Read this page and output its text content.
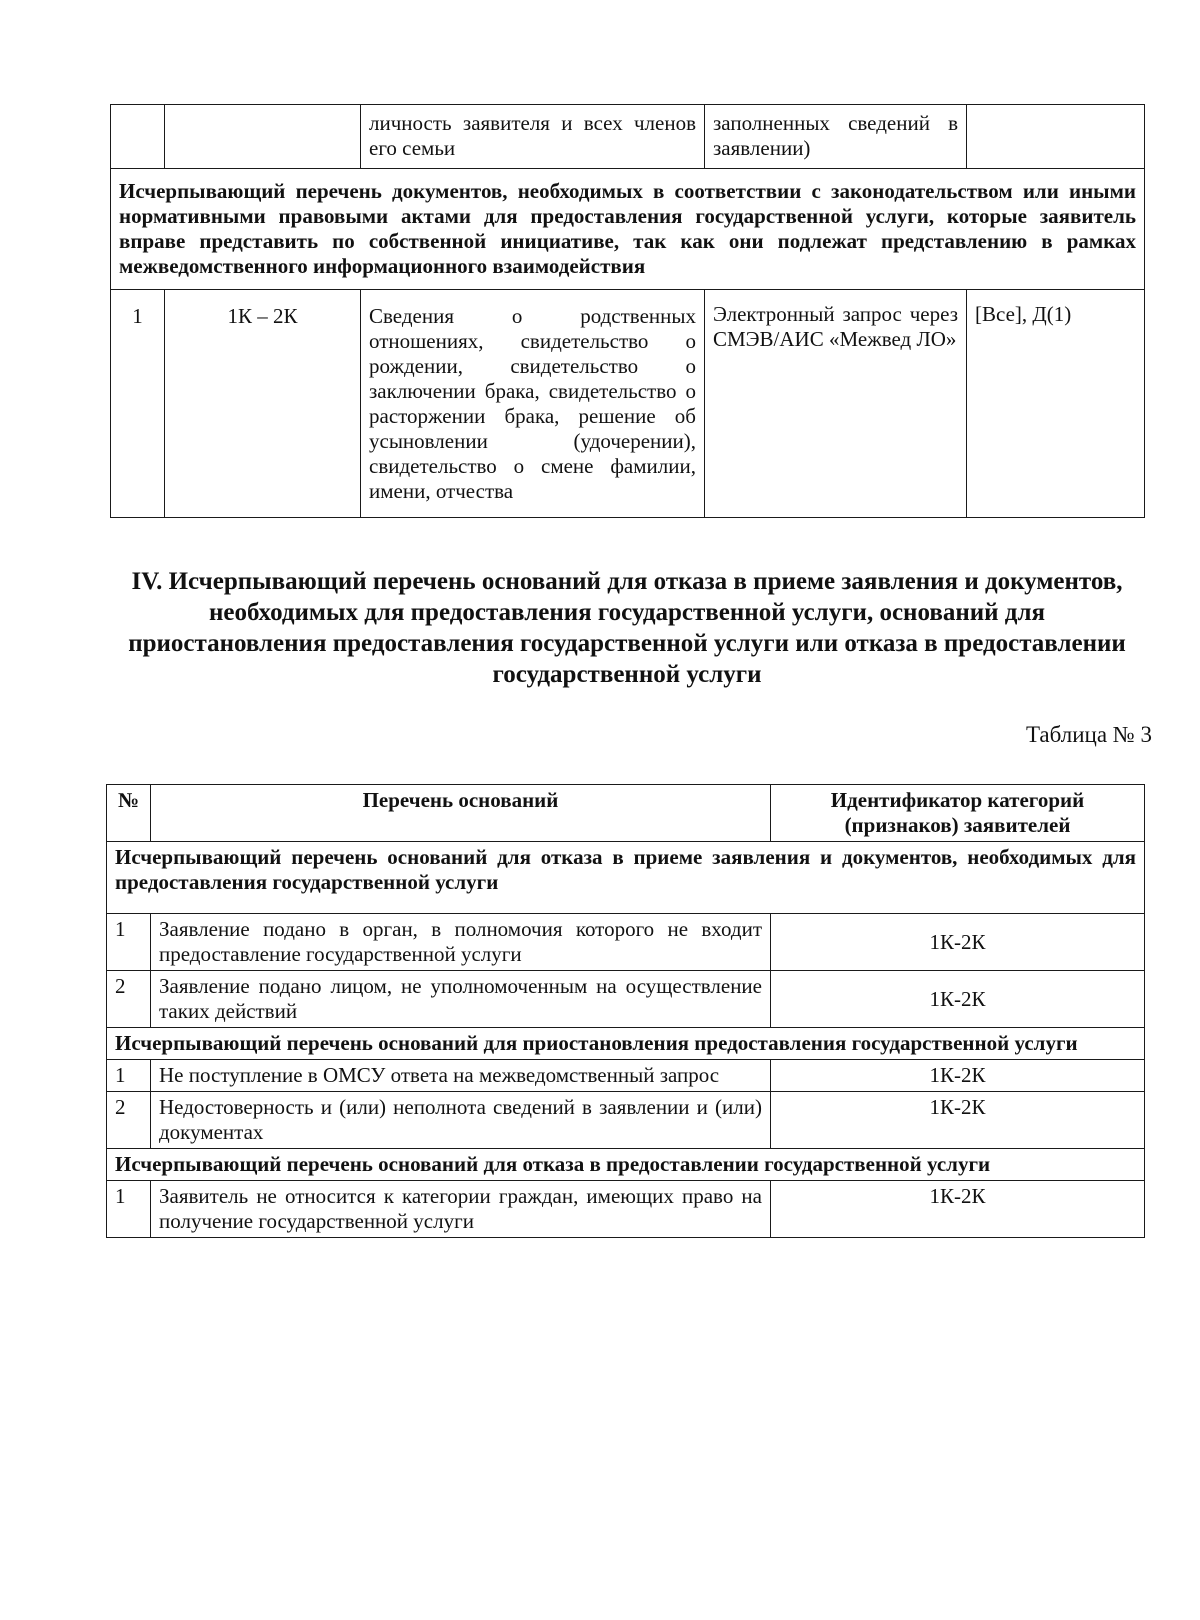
		личность заявителя и всех членов его семьи	заполненных сведений в заявлении)	
Исчерпывающий перечень документов, необходимых в соответствии с законодательством или иными нормативными правовыми актами для предоставления государственной услуги, которые заявитель вправе представить по собственной инициативе, так как они подлежат представлению в рамках межведомственного информационного взаимодействия				
1	1К – 2К	Сведения о родственных отношениях, свидетельство о рождении, свидетельство о заключении брака, свидетельство о расторжении брака, решение об усыновлении (удочерении), свидетельство о смене фамилии, имени, отчества	Электронный запрос через СМЭВ/АИС «Межвед ЛО»	[Все], Д(1)
IV. Исчерпывающий перечень оснований для отказа в приеме заявления и документов, необходимых для предоставления государственной услуги, оснований для приостановления предоставления государственной услуги или отказа в предоставлении государственной услуги
Таблица № 3
№	Перечень оснований	Идентификатор категорий (признаков) заявителей
Исчерпывающий перечень оснований для отказа в приеме заявления и документов, необходимых для предоставления государственной услуги		
1	Заявление подано в орган, в полномочия которого не входит предоставление государственной услуги	1К-2К
2	Заявление подано лицом, не уполномоченным на осуществление таких действий	1К-2К
Исчерпывающий перечень оснований для приостановления предоставления государственной услуги		
1	Не поступление в ОМСУ ответа на межведомственный запрос	1К-2К
2	Недостоверность и (или) неполнота сведений в заявлении и (или) документах	1К-2К
Исчерпывающий перечень оснований для отказа в предоставлении государственной услуги		
1	Заявитель не относится к категории граждан, имеющих право на получение государственной услуги	1К-2К
